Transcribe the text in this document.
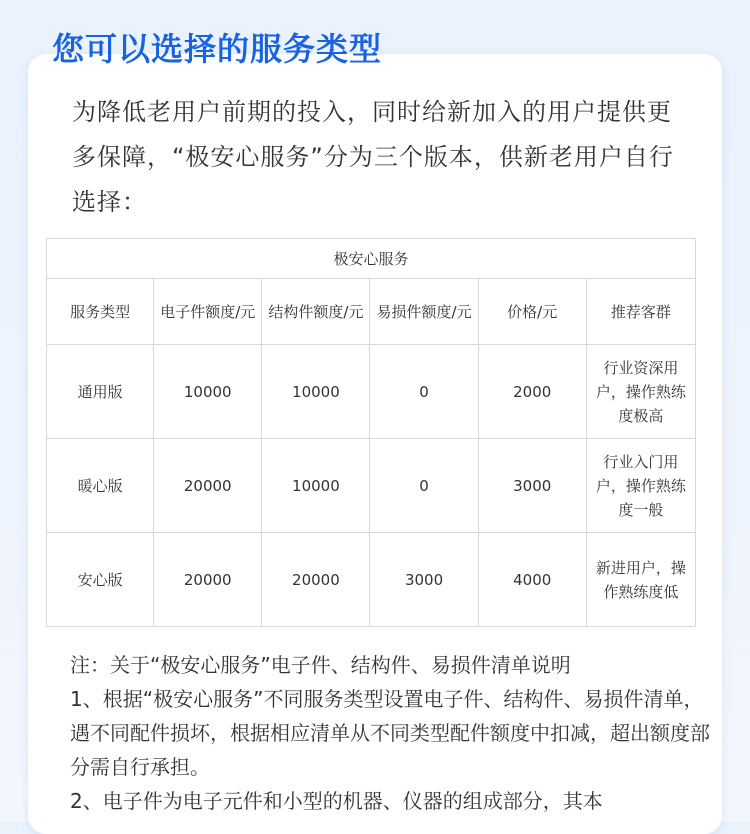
您可以选择的服务类型

为降低老用户前期的投入，同时给新加入的用户提供更多保障，“极安心服务”分为三个版本，供新老用户自行选择：

极安心服务					
服务类型	电子件额度/元	结构件额度/元	易损件额度/元	价格/元	推荐客群
通用版	10000	10000	0	2000	行业资深用户，操作熟练度极高
暖心版	20000	10000	0	3000	行业入门用户，操作熟练度一般
安心版	20000	20000	3000	4000	新进用户，操作熟练度低

注：关于“极安心服务”电子件、结构件、易损件清单说明

1、根据“极安心服务”不同服务类型设置电子件、结构件、易损件清单，遇不同配件损坏，根据相应清单从不同类型配件额度中扣减，超出额度部分需自行承担。

2、电子件为电子元件和小型的机器、仪器的组成部分，其本
